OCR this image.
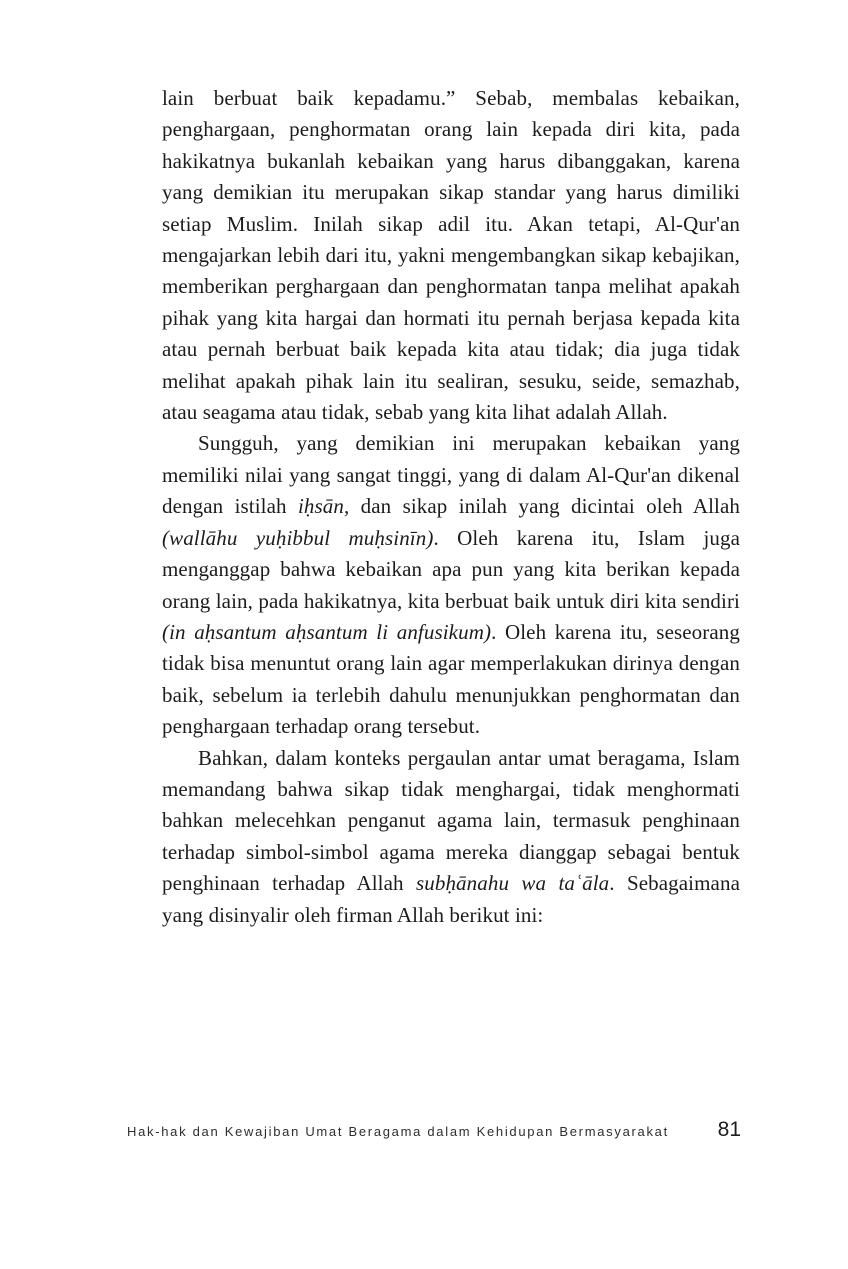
lain berbuat baik kepadamu.” Sebab, membalas kebaikan, penghargaan, penghormatan orang lain kepada diri kita, pada hakikatnya bukanlah kebaikan yang harus dibanggakan, karena yang demikian itu merupakan sikap standar yang harus dimiliki setiap Muslim. Inilah sikap adil itu. Akan tetapi, Al-Qur'an mengajarkan lebih dari itu, yakni mengembangkan sikap kebajikan, memberikan perghargaan dan penghormatan tanpa melihat apakah pihak yang kita hargai dan hormati itu pernah berjasa kepada kita atau pernah berbuat baik kepada kita atau tidak; dia juga tidak melihat apakah pihak lain itu sealiran, sesuku, seide, semazhab, atau seagama atau tidak, sebab yang kita lihat adalah Allah.

Sungguh, yang demikian ini merupakan kebaikan yang memiliki nilai yang sangat tinggi, yang di dalam Al-Qur'an dikenal dengan istilah iḥsān, dan sikap inilah yang dicintai oleh Allah (wallāhu yuḥibbul muḥsinīn). Oleh karena itu, Islam juga menganggap bahwa kebaikan apa pun yang kita berikan kepada orang lain, pada hakikatnya, kita berbuat baik untuk diri kita sendiri (in aḥsantum aḥsantum li anfusikum). Oleh karena itu, seseorang tidak bisa menuntut orang lain agar memperlakukan dirinya dengan baik, sebelum ia terlebih dahulu menunjukkan penghormatan dan penghargaan terhadap orang tersebut.

Bahkan, dalam konteks pergaulan antar umat beragama, Islam memandang bahwa sikap tidak menghargai, tidak menghormati bahkan melecehkan penganut agama lain, termasuk penghinaan terhadap simbol-simbol agama mereka dianggap sebagai bentuk penghinaan terhadap Allah subḥānahu wa taʿāla. Sebagaimana yang disinyalir oleh firman Allah berikut ini:

Hak-hak dan Kewajiban Umat Beragama dalam Kehidupan Bermasyarakat 81
